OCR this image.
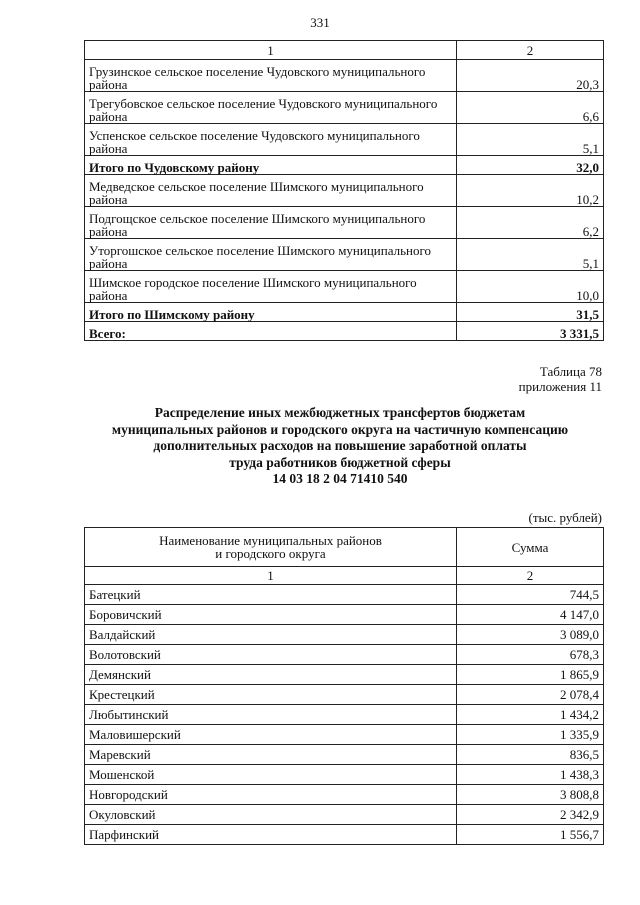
331
1	2
Грузинское сельское поселение Чудовского муниципального района	20,3
Трегубовское сельское поселение Чудовского муниципального района	6,6
Успенское сельское поселение Чудовского муниципального района	5,1
Итого по Чудовскому району	32,0
Медведское сельское поселение Шимского муниципального района	10,2
Подгощское сельское поселение Шимского муниципального района	6,2
Уторгошское сельское поселение Шимского муниципального района	5,1
Шимское городское поселение Шимского муниципального района	10,0
Итого по Шимскому району	31,5
Всего:	3 331,5
Таблица 78
приложения 11
Распределение иных межбюджетных трансфертов бюджетам
муниципальных районов и городского округа на частичную компенсацию
дополнительных расходов на повышение заработной оплаты
труда работников бюджетной сферы
14 03 18 2 04 71410 540
(тыс. рублей)
Наименование муниципальных районов
и городского округа	Сумма
1	2
Батецкий	744,5
Боровичский	4 147,0
Валдайский	3 089,0
Волотовский	678,3
Демянский	1 865,9
Крестецкий	2 078,4
Любытинский	1 434,2
Маловишерский	1 335,9
Маревский	836,5
Мошенской	1 438,3
Новгородский	3 808,8
Окуловский	2 342,9
Парфинский	1 556,7
